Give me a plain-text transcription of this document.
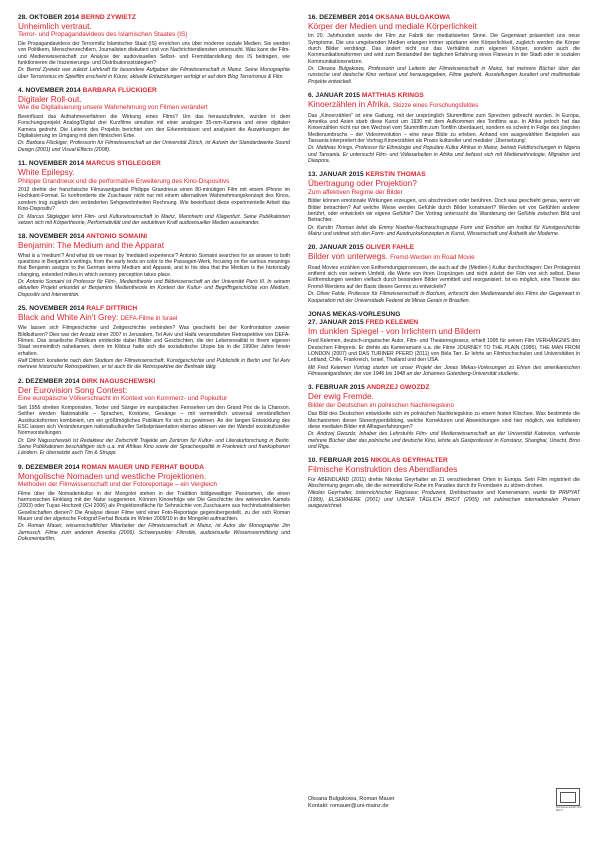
28. OKTOBER 2014 BERND ZYWIETZ
Unheimlich vertraut.
Terror- und Propagandavideos des Islamischen Staates (IS)
Die Propagandavideos der Terrormiliz Islamischer Staat (IS) erreichen uns über moderne soziale Medien. Sie werden von Politikern, Menschenrechtlern, Journalisten diskutiert und von Nachrichtendiensten untersucht. Was kann die Film- und Medienwissenschaft zur Analyse der audiovisuellen Selbst- und Fremddarstellung des IS beitragen, wie funktionieren die Inszenierungs- und Distributionsstrategien?
Dr. Bernd Zywietz war zuletzt Lehrkraft für besondere Aufgaben der Filmwissenschaft in Mainz. Seine Monographie über Terrorismus im Spielfilm erscheint in Kürze; aktuelle Entwicklungen verfolgt er auf dem Blog Terrorismus & Film.
4. NOVEMBER 2014 BARBARA FLÜCKIGER
Digitaler Roll-out.
Wie die Digitalisierung unsere Wahrnehmung von Filmen verändert
Beeinflusst das Aufnahmeverfahren die Wirkung eines Films? Um das herauszufinden, wurden in dem Forschungsprojekt Analog/Digital drei Kurzfilme simultan mit einer analogen 35-mm-Kamera und einer digitalen Kamera gedreht. Die Leiterin des Projekts berichtet von den Erkenntnissen und analysiert die Auswirkungen der Digitalisierung im Umgang mit dem filmischen Erbe.
Dr. Barbara Flückiger, Professorin für Filmwissenschaft an der Universität Zürich, ist Autorin der Standardwerke Sound Design (2001) und Visual Effects (2008).
11. NOVEMBER 2014 MARCUS STIGLEGGER
White Epilepsy.
Philippe Grandrieux und die performative Erweiterung des Kino-Dispositivs
2012 drehte der französische Filmavantgardist Philippe Grandrieux einen 80-minütigen Film mit einem iPhone im Hochkant-Format. Er konfrontierte die Zuschauer nicht nur mit einem alternativen Wahrnehmungskonzept des Kinos, sondern trug zugleich den veränderten Sehgewohnheiten Rechnung. Wie beeinflusst diese experimentelle Arbeit das Kino-Dispositiv?
Dr. Marcus Stiglegger lehrt Film- und Kulturwissenschaft in Mainz, Mannheim und Klagenfurt. Seine Publikationen setzen sich mit Körpertheorie, Performativität und der seduktiven Kraft audiovisueller Medien auseinander.
18. NOVEMBER 2014 ANTONIO SOMAINI
Benjamin: The Medium and the Apparat
What is a 'medium'? And what do we mean by 'mediated experience'? Antonio Somaini searches for an answer to both questions in Benjamin's writings, from the early texts on color to the Passagen-Werk, focusing on the various meanings that Benjamin assigns to the German terms Medium and Apparat, and to his idea that the Medium is the historically changing, extended milieu in which sensory perception takes place.
Dr. Antonio Somaini ist Professor für Film-, Medientheorie und Bildwissenschaft an der Université Paris III. In seinem aktuellen Projekt erkundet er Benjamins Medientheorie im Kontext der Kultur- und Begriffsgeschichte von Medium, Dispositiv und Intervention.
25. NOVEMBER 2014 RALF DITTRICH
Black and White Ain't Grey: DEFA-Filme in Israel
Wie lassen sich Filmgeschichte und Zeitgeschichte verbinden? Was geschieht bei der Konfrontation zweier Bildkulturen? Dies war der Ansatz einer 2007 in Jerusalem, Tel Aviv und Haifa veranstalteten Retrospektive von DEFA-Filmen. Das israelische Publikum entdeckte dabei Bilder und Geschichten, die der Lebensrealität in ihrem eigenen Staat vermeintlich nahekamen, denn im Kibbuz hatte sich die sozialistische Utopie bis in die 1990er Jahre hinein erhalten.
Ralf Dittrich kuratierte nach dem Studium der Filmwissenschaft, Kunstgeschichte und Publizistik in Berlin und Tel Aviv mehrere historische Retrospektiven, er ist auch für die Retrospektive der Berlinale tätig.
2. DEZEMBER 2014 DIRK NAGUSCHEWSKI
Der Eurovision Song Contest:
Eine europäische Völkerschlacht im Kontext von Kommerz- und Popkultur
Seit 1956 streiten Komponisten, Texter und Sänger im europäischen Fernsehen um den Grand Prix de la Chanson. Seither werden Nationalstile – Sprachen, Kostüme, Gesänge – mit vermeintlich universal verständlichen Ausdrucksformen kombiniert, um ein größtmögliches Publikum für sich zu gewinnen. An der langen Entwicklung des ESC lassen sich Veränderungen nationalkultureller Selbstpräsentation ebenso ablesen wie der Wandel soziokultureller Normvorstellungen.
Dr. Dirk Naguschewski ist Redakteur der Zeitschrift Trajekte am Zentrum für Kultur- und Literaturforschung in Berlin. Seine Publikationen beschäftigen sich u.a. mit Afrikas Kino sowie der Sprachenpolitik in Frankreich und frankophonen Ländern. Er übersetzte auch Tim & Struppi.
9. DEZEMBER 2014 ROMAN MAUER UND FERHAT BOUDA
Mongolische Nomaden und westliche Projektionen.
Methoden der Filmwissenschaft und der Fotoreportage – ein Vergleich
Filme über die Nomadenkultur in der Mongolei stehen in der Tradition bildgewaltiger Panoramen, die einen harmonischen Einklang mit der Natur suggerieren. Können Kinoerfolge wie Die Geschichte des weinenden Kamels (2003) oder Tuyas Hochzeit (CH 2006) als Projektionsfläche für Sehnsüchte von Zuschauern aus hochindustrialisierten Gesellschaften dienen? Die Analyse dieser Filme wird einer Foto-Reportage gegenübergestellt, zu der sich Roman Mauer und der algerische Fotograf Ferhat Bouda im Winter 2009/10 in die Mongolei aufmachten.
Dr. Roman Mauer, wissenschaftlicher Mitarbeiter der Filmwissenschaft in Mainz, ist Autor der Monographie Jim Jarmusch. Filme zum anderen Amerika (2006). Schwerpunkte: Filmstile, audiovisuelle Wissensvermittlung und Dokumentarfilm.
16. DEZEMBER 2014 OKSANA BULGAKOWA
Körper der Medien und mediale Körperlichkeit
Im 20. Jahrhundert wurde der Film zur Fabrik der mediatisierten Sinne. Die Gegenwart präsentiert uns neue Symptome. Die uns umgebenden Medien erlangen immer spürbarer eine Körperlichkeit, zugleich werden die Körper durch Bilder verdrängt. Das ändert nicht nur das Verhältnis zum eigenen Körper, sondern auch die Kommunikationsformen und wird zum Bestandteil der täglichen Erfahrung eines Flaneurs in der Stadt oder in sozialen Kommunikationsnetzen.
Dr. Oksana Bulgakowa, Professorin und Leiterin der Filmwissenschaft in Mainz, hat mehrere Bücher über das russische und deutsche Kino verfasst und herausgegeben, Filme gedreht, Ausstellungen kuratiert und multimediale Projekte entwickelt.
6. JANUAR 2015 MATTHIAS KRINGS
Kinoerzählen in Afrika. Skizze eines Forschungsfeldes
Das „Kinoerzählen" ist eine Gattung, mit der ursprünglich Stummfilme zum Sprechen gebracht wurden. In Europa, Amerika und Asien starb diese Kunst um 1930 mit dem Aufkommen des Tonfilms aus. In Afrika jedoch hat das Kinoerzählen nicht nur den Wechsel vom Stummfilm zum Tonfilm überdauert, sondern es scheint in Folge des jüngsten Medienumbruchs – der Videorevolution – eine neue Blüte zu erleben. Anhand von ausgewählten Beispielen aus Tansania interpretiert der Vortrag Kinoerzählen als Praxis kultureller und medialer ‚Übersetzung'.
Dr. Matthias Krings, Professor für Ethnologie und Populäre Kultur Afrikas in Mainz, betrieb Feldforschungen in Nigeria und Tansania. Er untersucht Film- und Videoarbeiten in Afrika und befasst sich mit Medienethnologie, Migration und Diaspora.
13. JANUAR 2015 KERSTIN THOMAS
Übertragung oder Projektion?
Zum affektiven Regime der Bilder
Bilder können emotionale Wirkungen erzeugen, uns abschrecken oder berühren. Doch was geschieht genau, wenn wir Bilder betrachten? Auf welche Weise werden Gefühle durch Bilder konstruiert? Werden wir von Gefühlen anderer berührt, oder entwickeln wir eigene Gefühle? Der Vortrag untersucht die Wanderung der Gefühle zwischen Bild und Betrachter.
Dr. Kerstin Thomas leitet die Emmy Noether-Nachwuchsgruppe Form und Emotion am Institut für Kunstgeschichte Mainz und widmet sich den Form- und Ausdruckskonzepten in Kunst, Wissenschaft und Ästhetik der Moderne.
20. JANUAR 2015 OLIVER FAHLE
Bilder von unterwegs. Fremd-Werden im Road Movie
Road Movies erzählen von Entfremdungsprozessen, die auch auf die (Medien-) Kultur durchschlagen: Der Protagonist entfernt sich von seinem Umfeld, die Werte von ihren Ursprüngen und nicht zuletzt der Film von sich selbst. Diese Entfremdungen werden vielfach durch besondere Bilder vermittelt und reorganisiert. Ist es möglich, eine Theorie des Fremd-Werdens auf der Basis dieses Genres zu entwickeln?
Dr. Oliver Fahle, Professor für Filmwissenschaft in Bochum, erforscht den Medienwandel des Films der Gegenwart in Kooperation mit der Universidade Federal de Minas Gerais in Brasilien.
JONAS MEKAS-VORLESUNG
27. JANUAR 2015 FRED KELEMEN
Im dunklen Spiegel - von Irrlichtern und Bildern
Fred Kelemen, deutsch-ungarischer Autor, Film- und Theaterregisseur, erhielt 1995 für seinen Film VERHÄNGNIS den Deutschen Filmpreis. Er drehte als Kameramann u.a. die Filme JOURNEY TO THE PLAIN (1995), THE MAN FROM LONDON (2007) und DAS TURINER PFERD (2011) von Béla Tarr. Er lehrte an Filmhochschulen und Universitäten in Lettland, Chile, Frankreich, Israel, Thailand und den USA.
Mit Fred Kelemen Vortrag starten wir unser Projekt der Jonas Mekas-Vorlesungen zu Ehren des amerikanischen Filmavantgardisten, der von 1946 bis 1948 an der Johannes Gutenberg-Universität studierte.
3. FEBRUAR 2015 ANDRZEJ GWOZDZ
Der ewig Fremde.
Bilder der Deutschen im polnischen Nachkriegskino
Das Bild des Deutschen entwickelte sich im polnischen Nachkriegskino zu einem festen Klischee. Was bestimmte die Mechanismen dieser Stereotypenbildung, welche Korrekturen und Abweichungen sind hier möglich, wie kollidieren diese medialen Bilder mit Alltagserfahrungen?
Dr. Andrzej Gwozdz, Inhaber des Lehrstuhls Film- und Medienwissenschaft an der Universität Katowice, verfasste mehrere Bücher über das polnische und deutsche Kino, lehrte als Gastprofessor in Konstanz, Shanghai, Utrecht, Brno und Riga.
10. FEBRUAR 2015 NIKOLAS GEYRHALTER
Filmische Konstruktion des Abendlandes
Für ABENDLAND (2011) drehte Nikolas Geyrhalter an 21 verschiedenen Orten in Europa. Sein Film registriert die Abschirmung gegen alle, die die vermeintliche Ruhe im Paradies durch ihr Fremdsein zu stören drohen.
Nikolas Geyrhalter, österreichischer Regisseur, Produzent, Drehbuchautor und Kameramann, wurde für PRIPYAT (1999), ELSEWHERE (2001) und UNSER TÄGLICH BROT (2005) mit zahlreichen internationalen Preisen ausgezeichnet.
Oksana Bulgakowa, Roman Mauer
Kontakt: romauer@uni-mainz.de	Filmwissenschaft JGU Mainz
